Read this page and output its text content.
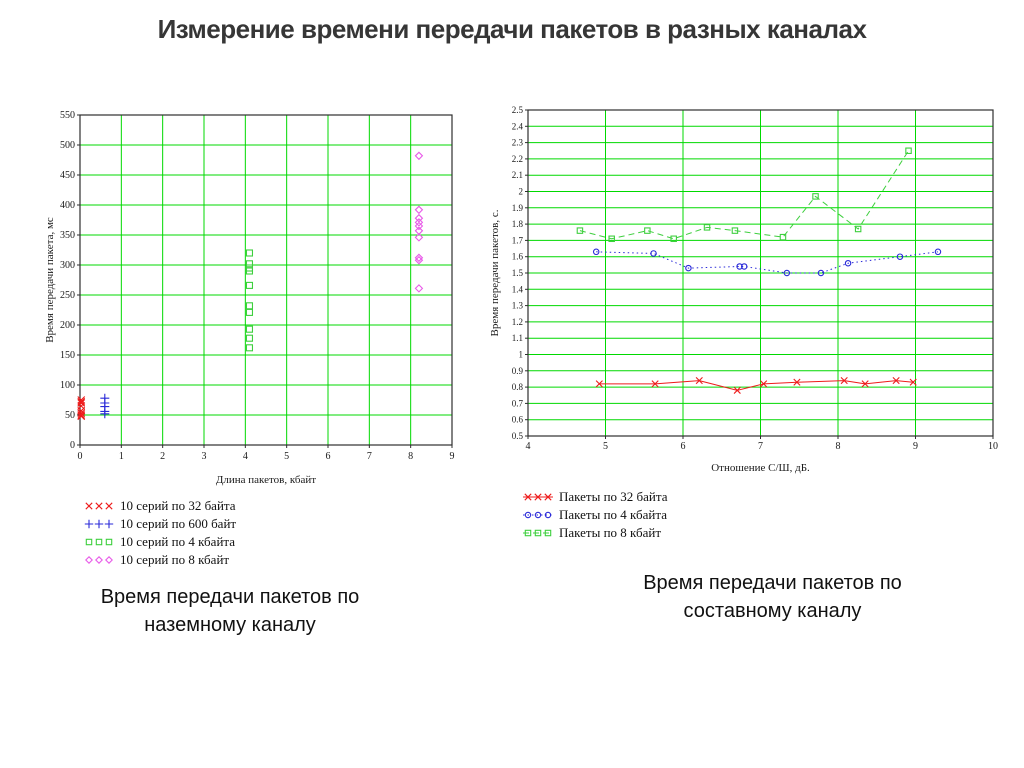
Измерение времени передачи пакетов в разных каналах
0	1	2	3	4	5	6	7	8	9
0
50
100
150
200
250
300
350
400
450
500
550
Длина пакетов, кбайт
Время передачи пакета, мс
10 серий по 32 байта
10 серий по 600 байт
10 серий по 4 кбайта
10 серий по 8 кбайт
4	5	6	7	8	9	10
0.5
0.6
0.7
0.8
0.9
1
1.1
1.2
1.3
1.4
1.5
1.6
1.7
1.8
1.9
2
2.1
2.2
2.3
2.4
2.5
Отношение С/Ш, дБ.
Время передачи пакетов, с.
Пакеты по 32 байта
Пакеты по 4 кбайта
Пакеты по 8 кбайт
Время передачи пакетов по наземному каналу
Время передачи пакетов по составному каналу
